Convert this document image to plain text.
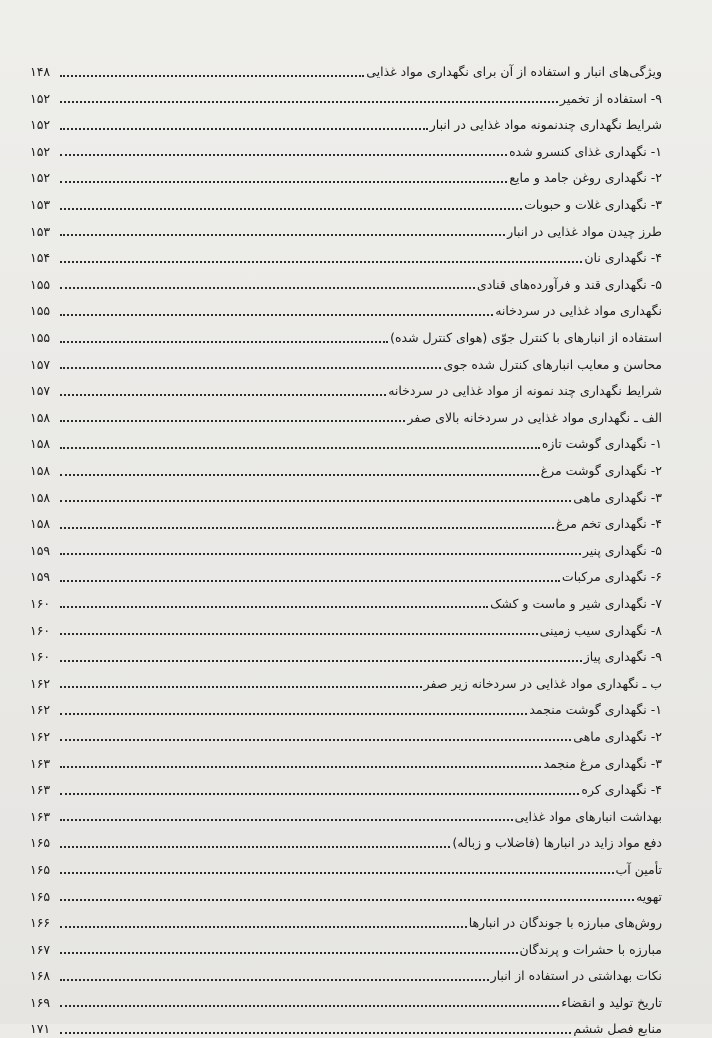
ویژگی‌های انبار و استفاده از آن برای نگهداری مواد غذایی
۱۴۸
۹- استفاده از تخمیر
۱۵۲
شرایط نگهداری چندنمونه مواد غذایی در انبار
۱۵۲
۱- نگهداری غذای کنسرو شده
۱۵۲
۲- نگهداری روغن جامد و مایع
۱۵۲
۳- نگهداری غلات و حبوبات
۱۵۳
طرز چیدن مواد غذایی در انبار
۱۵۳
۴- نگهداری نان
۱۵۴
۵- نگهداری قند و فرآورده‌های قنادی
۱۵۵
نگهداری مواد غذایی در سردخانه
۱۵۵
استفاده از انبارهای با کنترل جوّی (هوای کنترل شده)
۱۵۵
محاسن و معایب انبارهای کنترل شده جوی
۱۵۷
شرایط نگهداری چند نمونه از مواد غذایی در سردخانه
۱۵۷
الف ـ نگهداری مواد غذایی در سردخانه بالای صفر
۱۵۸
۱- نگهداری گوشت تازه
۱۵۸
۲- نگهداری گوشت مرغ
۱۵۸
۳- نگهداری ماهی
۱۵۸
۴- نگهداری تخم مرغ
۱۵۸
۵- نگهداری پنیر
۱۵۹
۶- نگهداری مرکبات
۱۵۹
۷- نگهداری شیر و ماست و کشک
۱۶۰
۸- نگهداری سیب زمینی
۱۶۰
۹- نگهداری پیاز
۱۶۰
ب ـ نگهداری مواد غذایی در سردخانه زیر صفر
۱۶۲
۱- نگهداری گوشت منجمد
۱۶۲
۲- نگهداری ماهی
۱۶۲
۳- نگهداری مرغ منجمد
۱۶۳
۴- نگهداری کره
۱۶۳
بهداشت انبارهای مواد غذایی
۱۶۳
دفع مواد زاید در انبارها (فاضلاب و زباله)
۱۶۵
تأمین آب
۱۶۵
تهویه
۱۶۵
روش‌های مبارزه با جوندگان در انبارها
۱۶۶
مبارزه با حشرات و پرندگان
۱۶۷
نکات بهداشتی در استفاده از انبار
۱۶۸
تاریخ تولید و انقضاء
۱۶۹
منابع فصل ششم
۱۷۱
